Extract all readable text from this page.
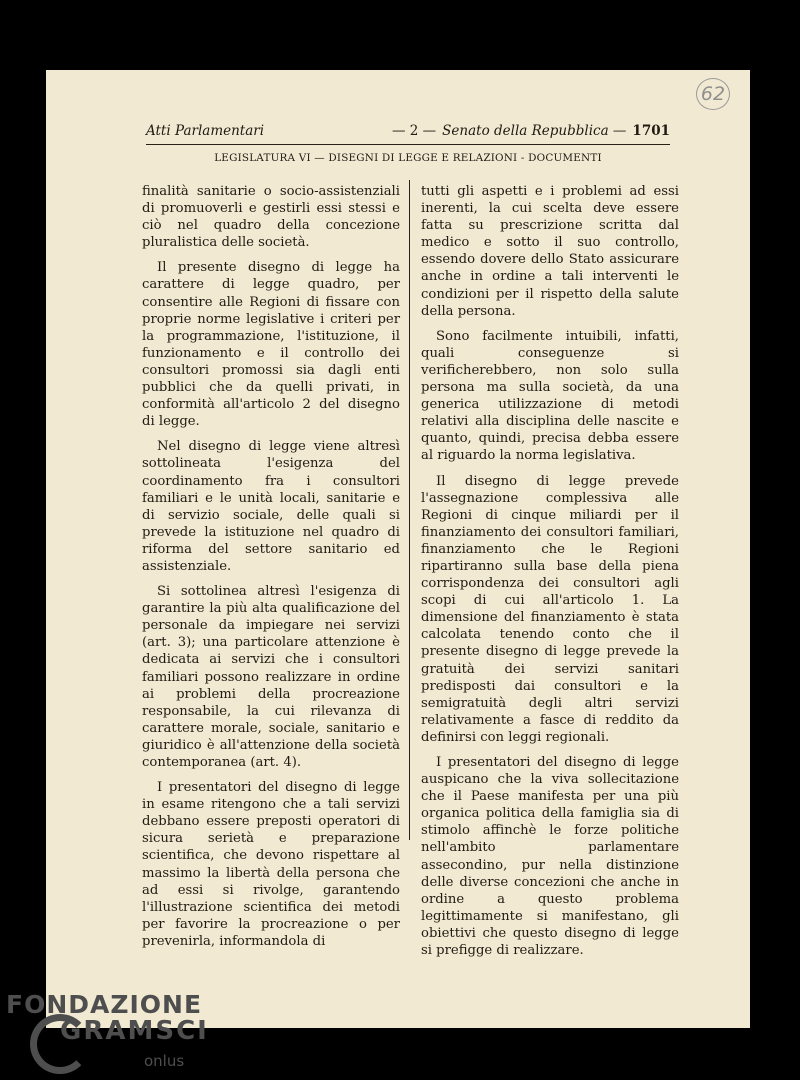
62
Atti Parlamentari	— 2 — Senato della Repubblica — 1701
LEGISLATURA VI — DISEGNI DI LEGGE E RELAZIONI - DOCUMENTI

finalità sanitarie o socio-assistenziali di promuoverli e gestirli essi stessi e ciò nel quadro della concezione pluralistica delle società.

Il presente disegno di legge ha carattere di legge quadro, per consentire alle Regioni di fissare con proprie norme legislative i criteri per la programmazione, l'istituzione, il funzionamento e il controllo dei consultori promossi sia dagli enti pubblici che da quelli privati, in conformità all'articolo 2 del disegno di legge.

Nel disegno di legge viene altresì sottolineata l'esigenza del coordinamento fra i consultori familiari e le unità locali, sanitarie e di servizio sociale, delle quali si prevede la istituzione nel quadro di riforma del settore sanitario ed assistenziale.

Si sottolinea altresì l'esigenza di garantire la più alta qualificazione del personale da impiegare nei servizi (art. 3); una particolare attenzione è dedicata ai servizi che i consultori familiari possono realizzare in ordine ai problemi della procreazione responsabile, la cui rilevanza di carattere morale, sociale, sanitario e giuridico è all'attenzione della società contemporanea (art. 4).

I presentatori del disegno di legge in esame ritengono che a tali servizi debbano essere preposti operatori di sicura serietà e preparazione scientifica, che devono rispettare al massimo la libertà della persona che ad essi si rivolge, garantendo l'illustrazione scientifica dei metodi per favorire la procreazione o per prevenirla, informandola di

tutti gli aspetti e i problemi ad essi inerenti, la cui scelta deve essere fatta su prescrizione scritta dal medico e sotto il suo controllo, essendo dovere dello Stato assicurare anche in ordine a tali interventi le condizioni per il rispetto della salute della persona.

Sono facilmente intuibili, infatti, quali conseguenze si verificherebbero, non solo sulla persona ma sulla società, da una generica utilizzazione di metodi relativi alla disciplina delle nascite e quanto, quindi, precisa debba essere al riguardo la norma legislativa.

Il disegno di legge prevede l'assegnazione complessiva alle Regioni di cinque miliardi per il finanziamento dei consultori familiari, finanziamento che le Regioni ripartiranno sulla base della piena corrispondenza dei consultori agli scopi di cui all'articolo 1. La dimensione del finanziamento è stata calcolata tenendo conto che il presente disegno di legge prevede la gratuità dei servizi sanitari predisposti dai consultori e la semigratuità degli altri servizi relativamente a fasce di reddito da definirsi con leggi regionali.

I presentatori del disegno di legge auspicano che la viva sollecitazione che il Paese manifesta per una più organica politica della famiglia sia di stimolo affinchè le forze politiche nell'ambito parlamentare assecondino, pur nella distinzione delle diverse concezioni che anche in ordine a questo problema legittimamente si manifestano, gli obiettivi che questo disegno di legge si prefigge di realizzare.

FONDAZIONE
GRAMSCI
onlus
